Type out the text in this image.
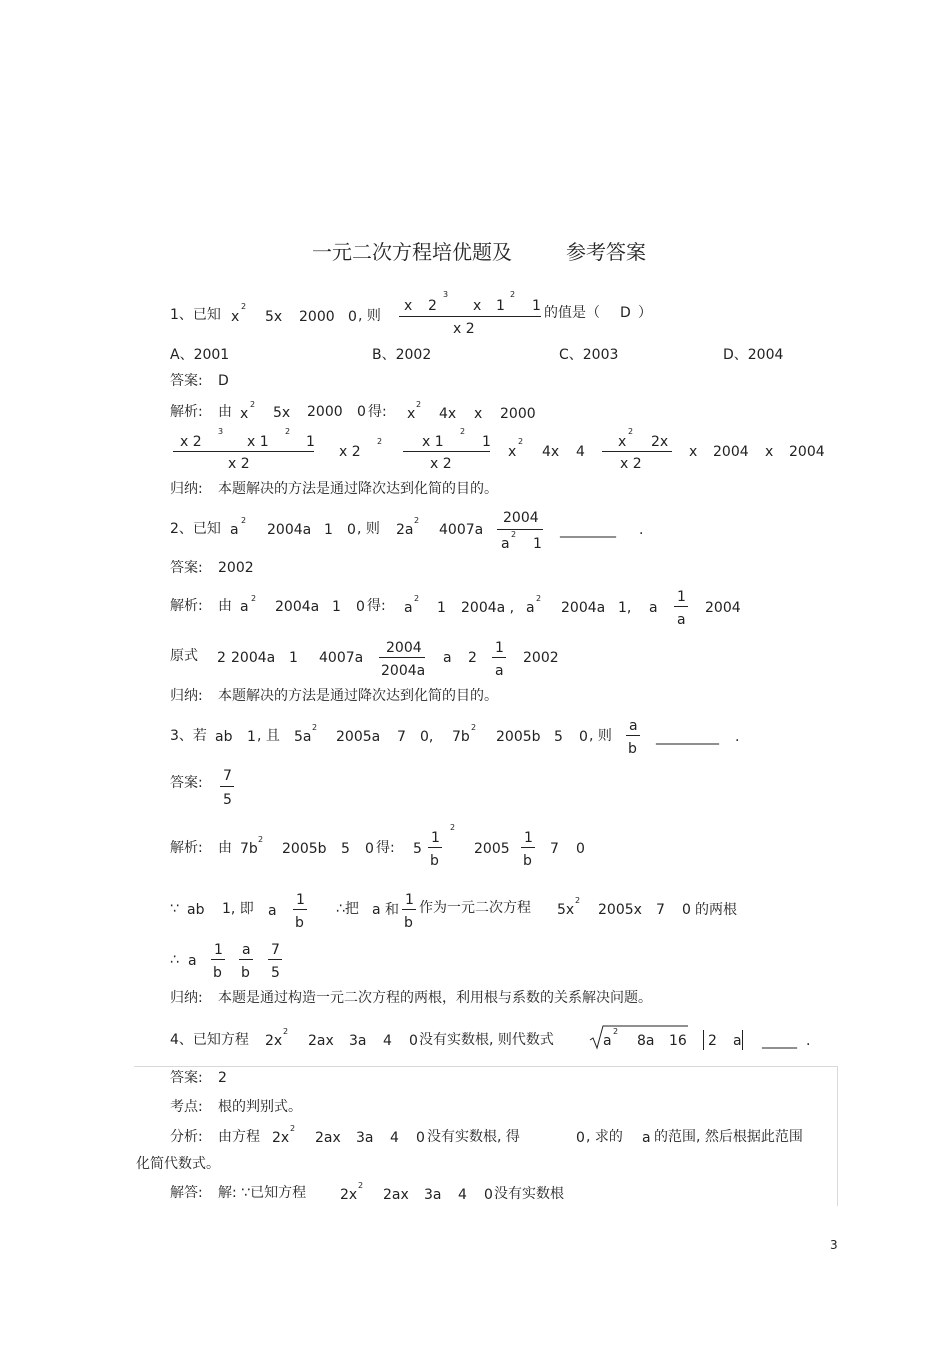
一元二次方程培优题及	参考答案
1、已知 x
2
5x 2000 0 , 则
x 2
3
x 1
2
1
x 2
的值是（ D ）
A、2001	B、2002	C、2003	D、2004
答案: D
解析: 由 x
2
5x 2000 0 得: x
2
4x x 2000
x 2
3
x 1
2
1
x 2
x 2
2	x 1
2
1
x 2
x
2
4x 4
x
2
2x
x 2
x 2004 x 2004
归纳: 本题解决的方法是通过降次达到化简的目的。
2、已知 a
2
2004a 1 0 , 则 2a
2
4007a
2004
a
2
1
________ .
答案: 2002
解析: 由 a
2
2004a 1 0 得: a
2
1 2004a , a
2
2004a 1, a
1
a
2004
原式 2 2004a 1 4007a
2004
2004a
a 2
1
a
2002
归纳: 本题解决的方法是通过降次达到化简的目的。
3、若 ab 1 , 且 5a
2
2005a 7 0, 7b
2
2005b 5 0 , 则
a
b
_________ .
答案: 7
5
解析: 由 7b
2
2005b 5 0 得: 5
1
b
2
2005
1
b
7 0
∵ ab 1, 即 a
1
b
∴把 a 和
1
b
作为一元二次方程 5x
2
2005x 7 0 的两根
∴ a
1
b
a
b
7
5
归纳: 本题是通过构造一元二次方程的两根，利用根与系数的关系解决问题。
4、已知方程 2x
2
2ax 3a 4 0 没有实数根, 则代数式	a
2
8a 16 2 a _____ .
答案: 2
考点: 根的判别式。
分析: 由方程 2x
2
2ax 3a 4 0 没有实数根, 得	0 , 求的 a 的范围, 然后根据此范围
化简代数式。
解答: 解: ∵已知方程 2x
2
2ax 3a 4 0 没有实数根
3
